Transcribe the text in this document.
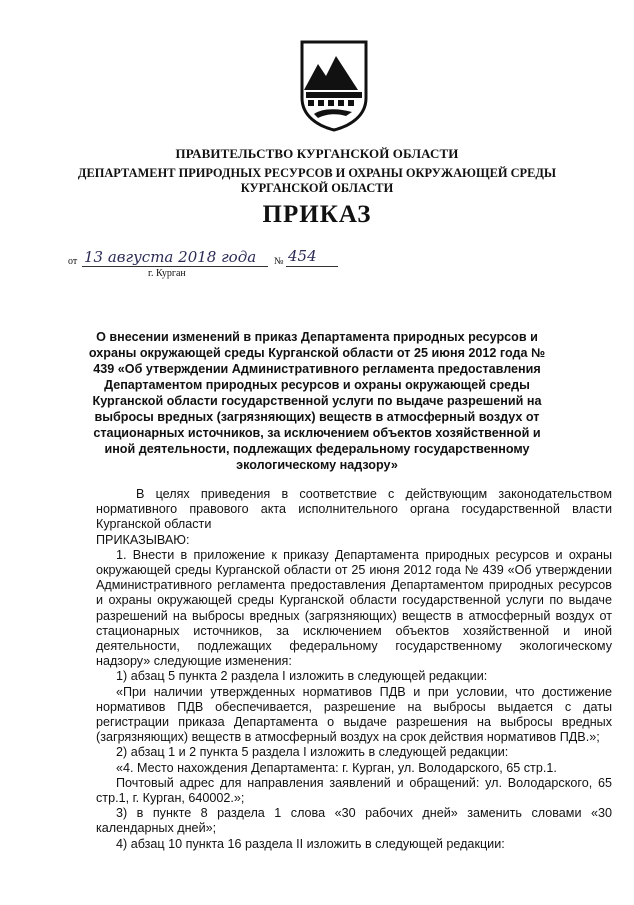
ПРАВИТЕЛЬСТВО КУРГАНСКОЙ ОБЛАСТИ
ДЕПАРТАМЕНТ ПРИРОДНЫХ РЕСУРСОВ И ОХРАНЫ ОКРУЖАЮЩЕЙ СРЕДЫ
КУРГАНСКОЙ ОБЛАСТИ
ПРИКАЗ
от 13 августа 2018 года № 454
г. Курган
О внесении изменений в приказ Департамента природных ресурсов и охраны окружающей среды Курганской области от 25 июня 2012 года № 439 «Об утверждении Административного регламента предоставления Департаментом природных ресурсов и охраны окружающей среды Курганской области государственной услуги по выдаче разрешений на выбросы вредных (загрязняющих) веществ в атмосферный воздух от стационарных источников, за исключением объектов хозяйственной и иной деятельности, подлежащих федеральному государственному экологическому надзору»

В целях приведения в соответствие с действующим законодательством нормативного правового акта исполнительного органа государственной власти Курганской области

ПРИКАЗЫВАЮ:

1. Внести в приложение к приказу Департамента природных ресурсов и охраны окружающей среды Курганской области от 25 июня 2012 года № 439 «Об утверждении Административного регламента предоставления Департаментом природных ресурсов и охраны окружающей среды Курганской области государственной услуги по выдаче разрешений на выбросы вредных (загрязняющих) веществ в атмосферный воздух от стационарных источников, за исключением объектов хозяйственной и иной деятельности, подлежащих федеральному государственному экологическому надзору» следующие изменения:

1) абзац 5 пункта 2 раздела I изложить в следующей редакции:

«При наличии утвержденных нормативов ПДВ и при условии, что достижение нормативов ПДВ обеспечивается, разрешение на выбросы выдается с даты регистрации приказа Департамента о выдаче разрешения на выбросы вредных (загрязняющих) веществ в атмосферный воздух на срок действия нормативов ПДВ.»;

2) абзац 1 и 2 пункта 5 раздела I изложить в следующей редакции:

«4. Место нахождения Департамента: г. Курган, ул. Володарского, 65 стр.1.

Почтовый адрес для направления заявлений и обращений: ул. Володарского, 65 стр.1, г. Курган, 640002.»;

3) в пункте 8 раздела 1 слова «30 рабочих дней» заменить словами «30 календарных дней»;

4) абзац 10 пункта 16 раздела II изложить в следующей редакции:
